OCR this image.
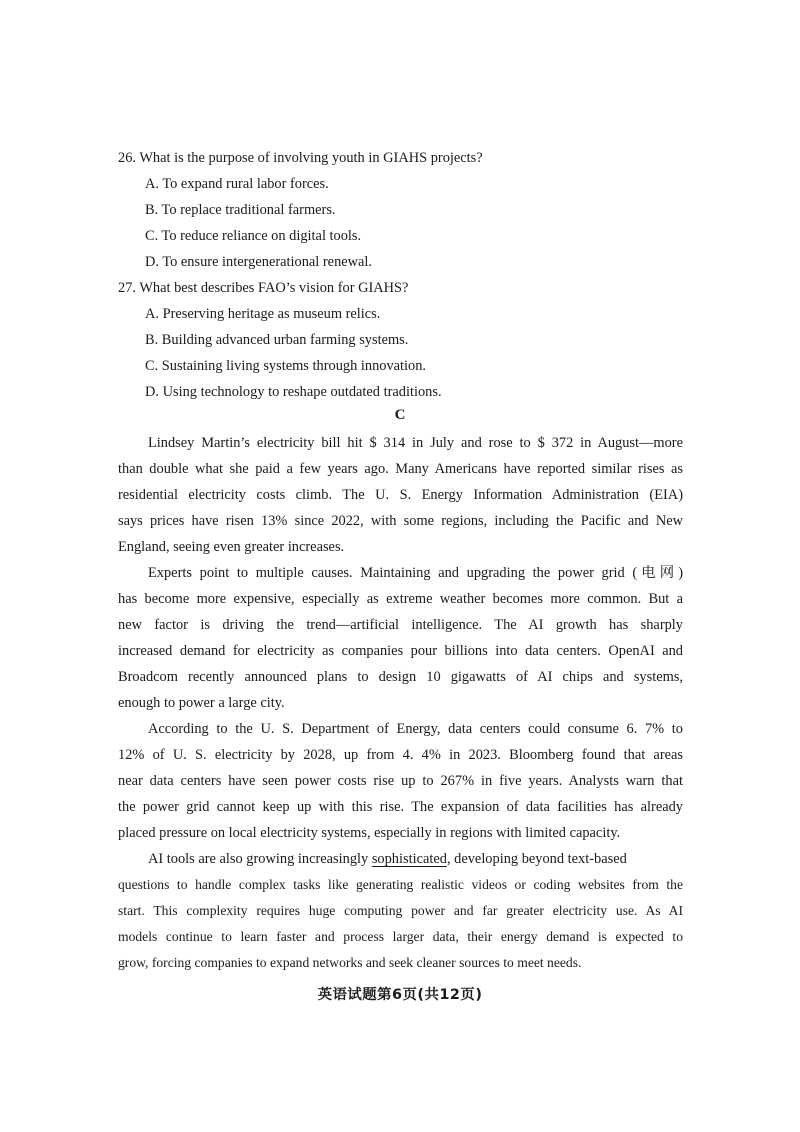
26. What is the purpose of involving youth in GIAHS projects?
A. To expand rural labor forces.
B. To replace traditional farmers.
C. To reduce reliance on digital tools.
D. To ensure intergenerational renewal.
27. What best describes FAO’s vision for GIAHS?
A. Preserving heritage as museum relics.
B. Building advanced urban farming systems.
C. Sustaining living systems through innovation.
D. Using technology to reshape outdated traditions.
C
Lindsey Martin’s electricity bill hit $ 314 in July and rose to $ 372 in August—more
than double what she paid a few years ago. Many Americans have reported similar rises as
residential electricity costs climb. The U. S. Energy Information Administration (EIA)
says prices have risen 13% since 2022, with some regions, including the Pacific and New
England, seeing even greater increases.
Experts point to multiple causes. Maintaining and upgrading the power grid (电网)
has become more expensive, especially as extreme weather becomes more common. But a
new factor is driving the trend—artificial intelligence. The AI growth has sharply
increased demand for electricity as companies pour billions into data centers. OpenAI and
Broadcom recently announced plans to design 10 gigawatts of AI chips and systems,
enough to power a large city.
According to the U. S. Department of Energy, data centers could consume 6. 7% to
12% of U. S. electricity by 2028, up from 4. 4% in 2023. Bloomberg found that areas
near data centers have seen power costs rise up to 267% in five years. Analysts warn that
the power grid cannot keep up with this rise. The expansion of data facilities has already
placed pressure on local electricity systems, especially in regions with limited capacity.
AI tools are also growing increasingly sophisticated, developing beyond text-based
questions to handle complex tasks like generating realistic videos or coding websites from the
start. This complexity requires huge computing power and far greater electricity use. As AI
models continue to learn faster and process larger data, their energy demand is expected to
grow, forcing companies to expand networks and seek cleaner sources to meet needs.
英语试题第6页(共12页)
